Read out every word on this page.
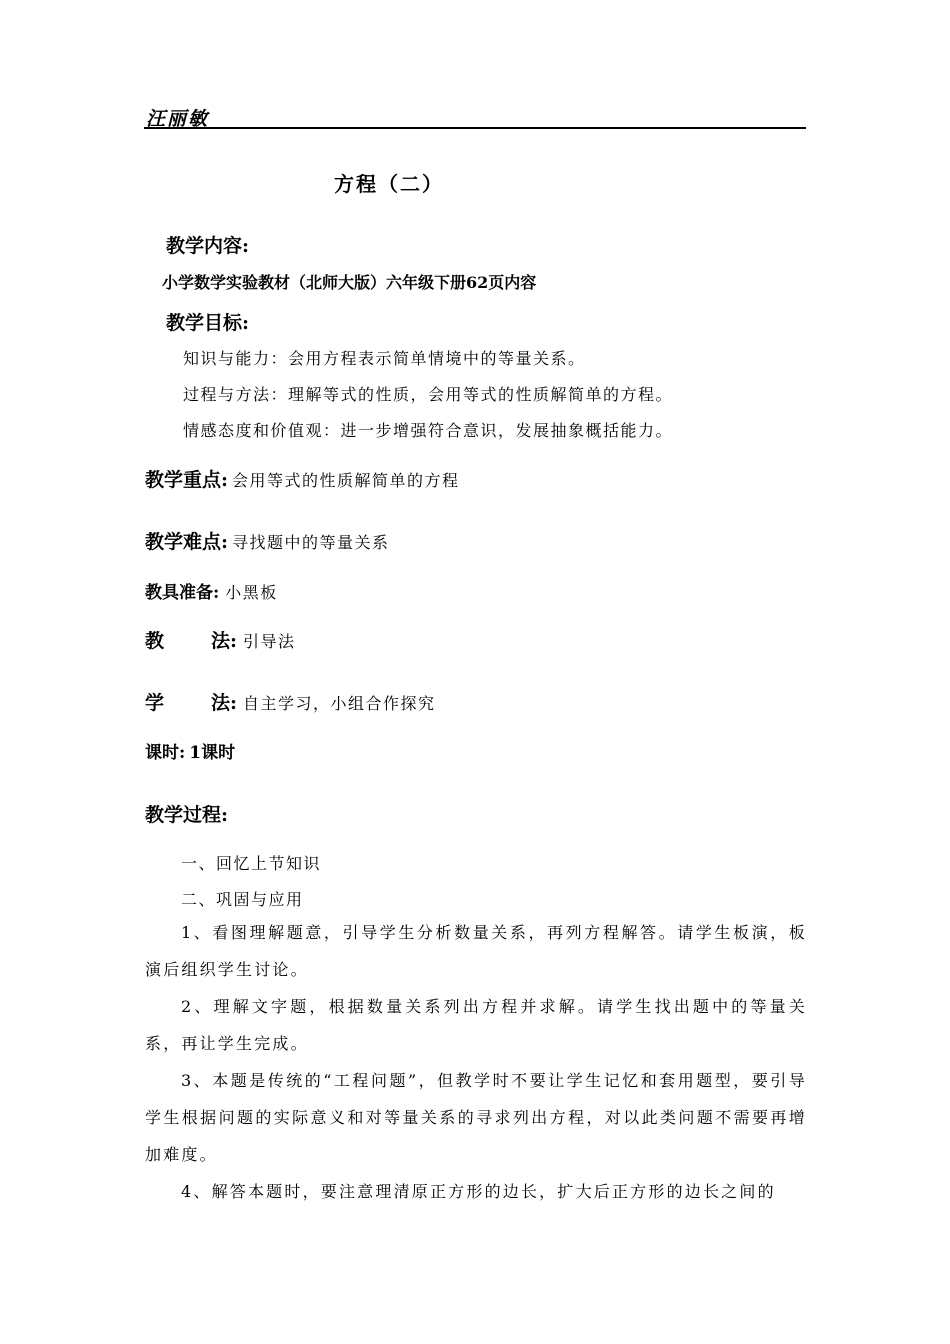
汪丽敏
方程（二）
教学内容:
小学数学实验教材（北师大版）六年级下册62页内容
教学目标:
知识与能力：会用方程表示简单情境中的等量关系。
过程与方法：理解等式的性质，会用等式的性质解简单的方程。
情感态度和价值观：进一步增强符合意识，发展抽象概括能力。
教学重点: 会用等式的性质解简单的方程
教学难点: 寻找题中的等量关系
教具准备: 小黑板
教 法: 引导法
学 法: 自主学习，小组合作探究
课时: 1课时
教学过程:
一、回忆上节知识
二、巩固与应用
1、看图理解题意，引导学生分析数量关系，再列方程解答。请学生板演，板演后组织学生讨论。
2、理解文字题，根据数量关系列出方程并求解。请学生找出题中的等量关系，再让学生完成。
3、本题是传统的“工程问题”，但教学时不要让学生记忆和套用题型，要引导学生根据问题的实际意义和对等量关系的寻求列出方程，对以此类问题不需要再增加难度。
4、解答本题时，要注意理清原正方形的边长，扩大后正方形的边长之间的
